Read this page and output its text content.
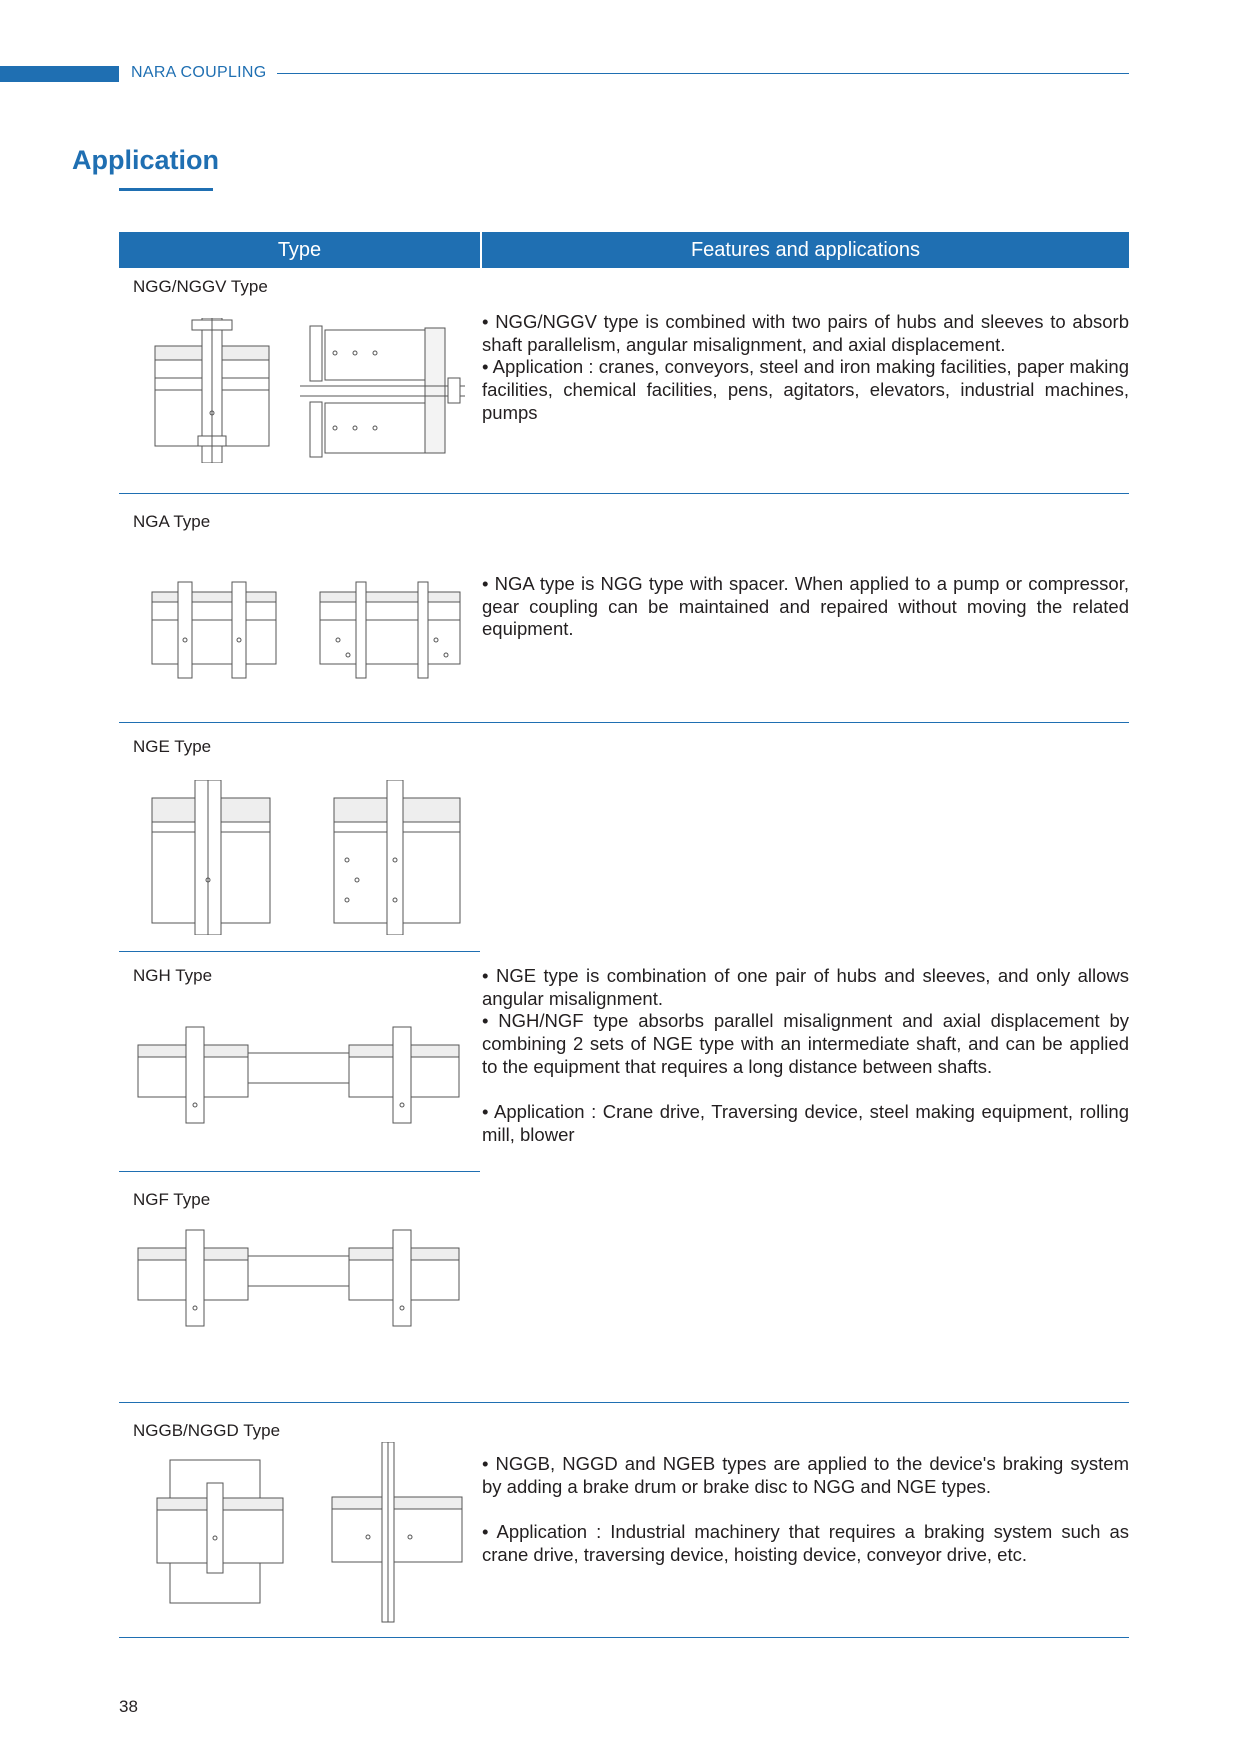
NARA COUPLING
Application
Type	Features and applications
NGG/NGGV Type

• NGG/NGGV type is combined with two pairs of hubs and sleeves to absorb shaft parallelism, angular misalignment, and axial displacement.

• Application : cranes, conveyors, steel and iron making facilities, paper making facilities, chemical facilities, pens, agitators, elevators, industrial machines, pumps

NGA Type

• NGA type is NGG type with spacer. When applied to a pump or compressor, gear coupling can be maintained and repaired without moving the related equipment.

NGE Type

• NGE type is combination of one pair of hubs and sleeves, and only allows angular misalignment.

• NGH/NGF type absorbs parallel misalignment and axial displacement by combining 2 sets of NGE type with an intermediate shaft, and can be applied to the equipment that requires a long distance between shafts.

• Application : Crane drive, Traversing device, steel making equipment, rolling mill, blower

NGH Type
NGF Type
NGGB/NGGD Type

• NGGB, NGGD and NGEB types are applied to the device's braking system by adding a brake drum or brake disc to NGG and NGE types.

• Application : Industrial machinery that requires a braking system such as crane drive, traversing device, hoisting device, conveyor drive, etc.

38
